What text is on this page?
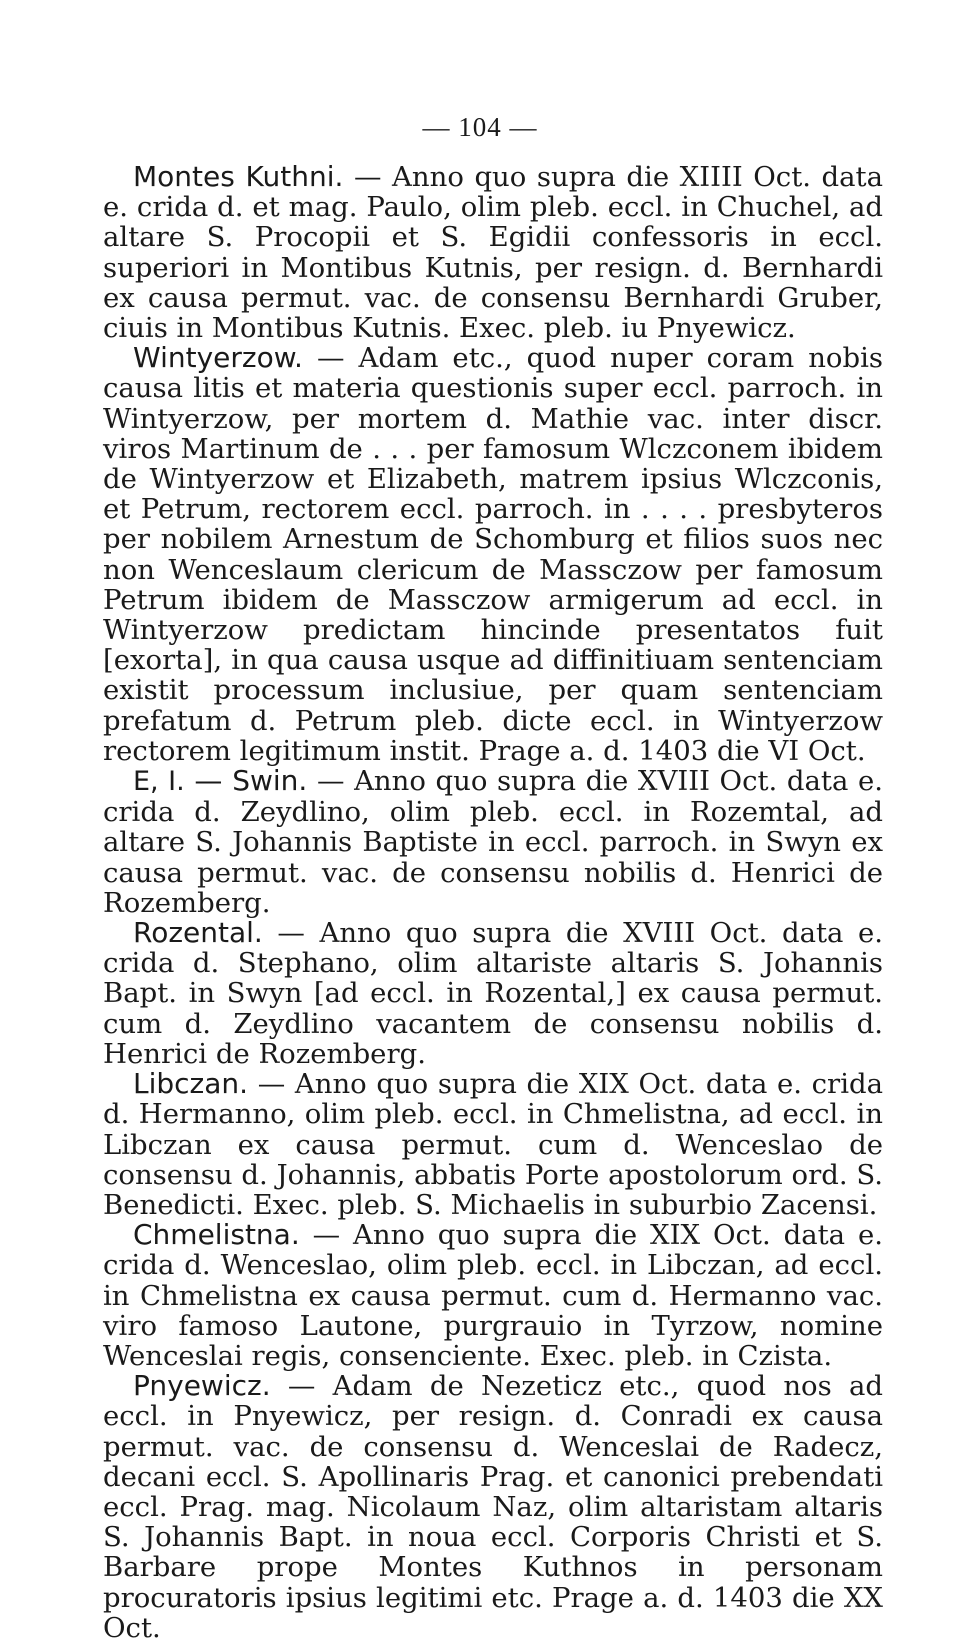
— 104 —

Montes Kuthni. — Anno quo supra die XIIII Oct. data e. crida d. et mag. Paulo, olim pleb. eccl. in Chuchel, ad altare S. Procopii et S. Egidii confessoris in eccl. superiori in Montibus Kutnis, per resign. d. Bernhardi ex causa permut. vac. de consensu Bernhardi Gruber, ciuis in Montibus Kutnis. Exec. pleb. iu Pnyewicz.

Wintyerzow. — Adam etc., quod nuper coram nobis causa litis et materia questionis super eccl. parroch. in Wintyerzow, per mortem d. Mathie vac. inter discr. viros Martinum de . . . per famosum Wlczconem ibidem de Wintyerzow et Elizabeth, matrem ipsius Wlczconis, et Petrum, rectorem eccl. parroch. in . . . . presbyteros per nobilem Arnestum de Schomburg et filios suos nec non Wenceslaum clericum de Massczow per famosum Petrum ibidem de Massczow armigerum ad eccl. in Wintyerzow predictam hincinde presentatos fuit [exorta], in qua causa usque ad diffinitiuam sentenciam existit processum inclusiue, per quam sentenciam prefatum d. Petrum pleb. dicte eccl. in Wintyerzow rectorem legitimum instit. Prage a. d. 1403 die VI Oct.

E, I. — Swin. — Anno quo supra die XVIII Oct. data e. crida d. Zeydlino, olim pleb. eccl. in Rozemtal, ad altare S. Johannis Baptiste in eccl. parroch. in Swyn ex causa permut. vac. de consensu nobilis d. Henrici de Rozemberg.

Rozental. — Anno quo supra die XVIII Oct. data e. crida d. Stephano, olim altariste altaris S. Johannis Bapt. in Swyn [ad eccl. in Rozental,] ex causa permut. cum d. Zeydlino vacantem de consensu nobilis d. Henrici de Rozemberg.

Libczan. — Anno quo supra die XIX Oct. data e. crida d. Hermanno, olim pleb. eccl. in Chmelistna, ad eccl. in Libczan ex causa permut. cum d. Wenceslao de consensu d. Johannis, abbatis Porte apostolorum ord. S. Benedicti. Exec. pleb. S. Michaelis in suburbio Zacensi.

Chmelistna. — Anno quo supra die XIX Oct. data e. crida d. Wenceslao, olim pleb. eccl. in Libczan, ad eccl. in Chmelistna ex causa permut. cum d. Hermanno vac. viro famoso Lautone, purgrauio in Tyrzow, nomine Wenceslai regis, consenciente. Exec. pleb. in Czista.

Pnyewicz. — Adam de Nezeticz etc., quod nos ad eccl. in Pnyewicz, per resign. d. Conradi ex causa permut. vac. de consensu d. Wenceslai de Radecz, decani eccl. S. Apollinaris Prag. et canonici prebendati eccl. Prag. mag. Nicolaum Naz, olim altaristam altaris S. Johannis Bapt. in noua eccl. Corporis Christi et S. Barbare prope Montes Kuthnos in personam procuratoris ipsius legitimi etc. Prage a. d. 1403 die XX Oct.
